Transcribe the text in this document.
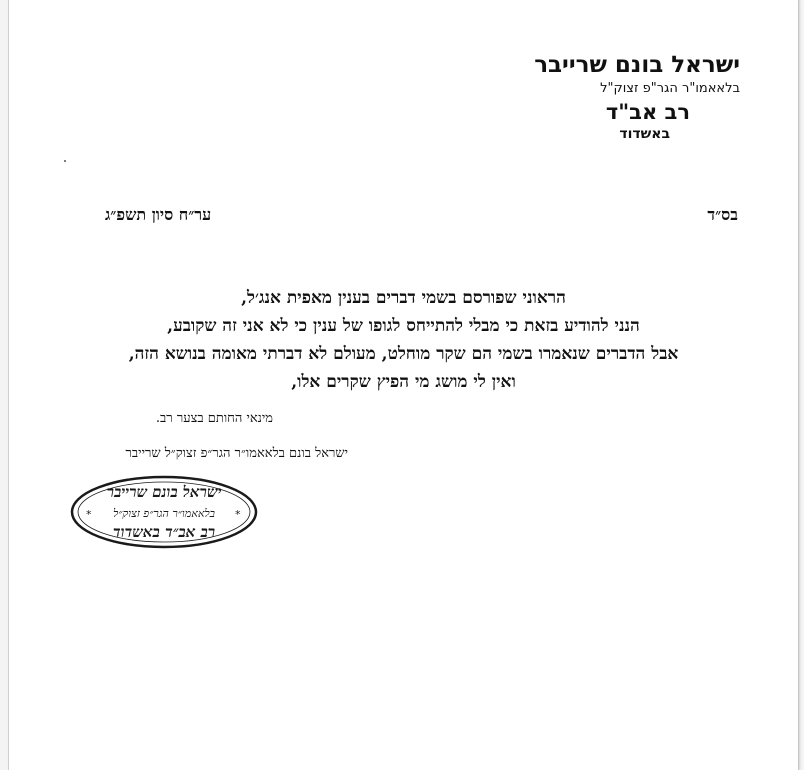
ישראל בונם שרייבר
בלאאמו"ר הגר"פ זצוק"ל
רב אב"ד
באשדוד
בס״ד
ער״ח סיון תשפ״ג
הראוני שפורסם בשמי דברים בענין מאפית אנג׳ל,
הנני להודיע בזאת כי מבלי להתייחס לגופו של ענין כי לא אני זה שקובע,
אבל הדברים שנאמרו בשמי הם שקר מוחלט, מעולם לא דברתי מאומה בנושא הזה,
ואין לי מושג מי הפיץ שקרים אלו,
מינאי החותם בצער רב.
ישראל בונם בלאאמו״ר הגר״פ זצוק״ל שרייבר
ישראל בונם שרייבר
* בלאאמו״ר הגר״פ זצוק״ל *
רב אב״ד באשדוד
